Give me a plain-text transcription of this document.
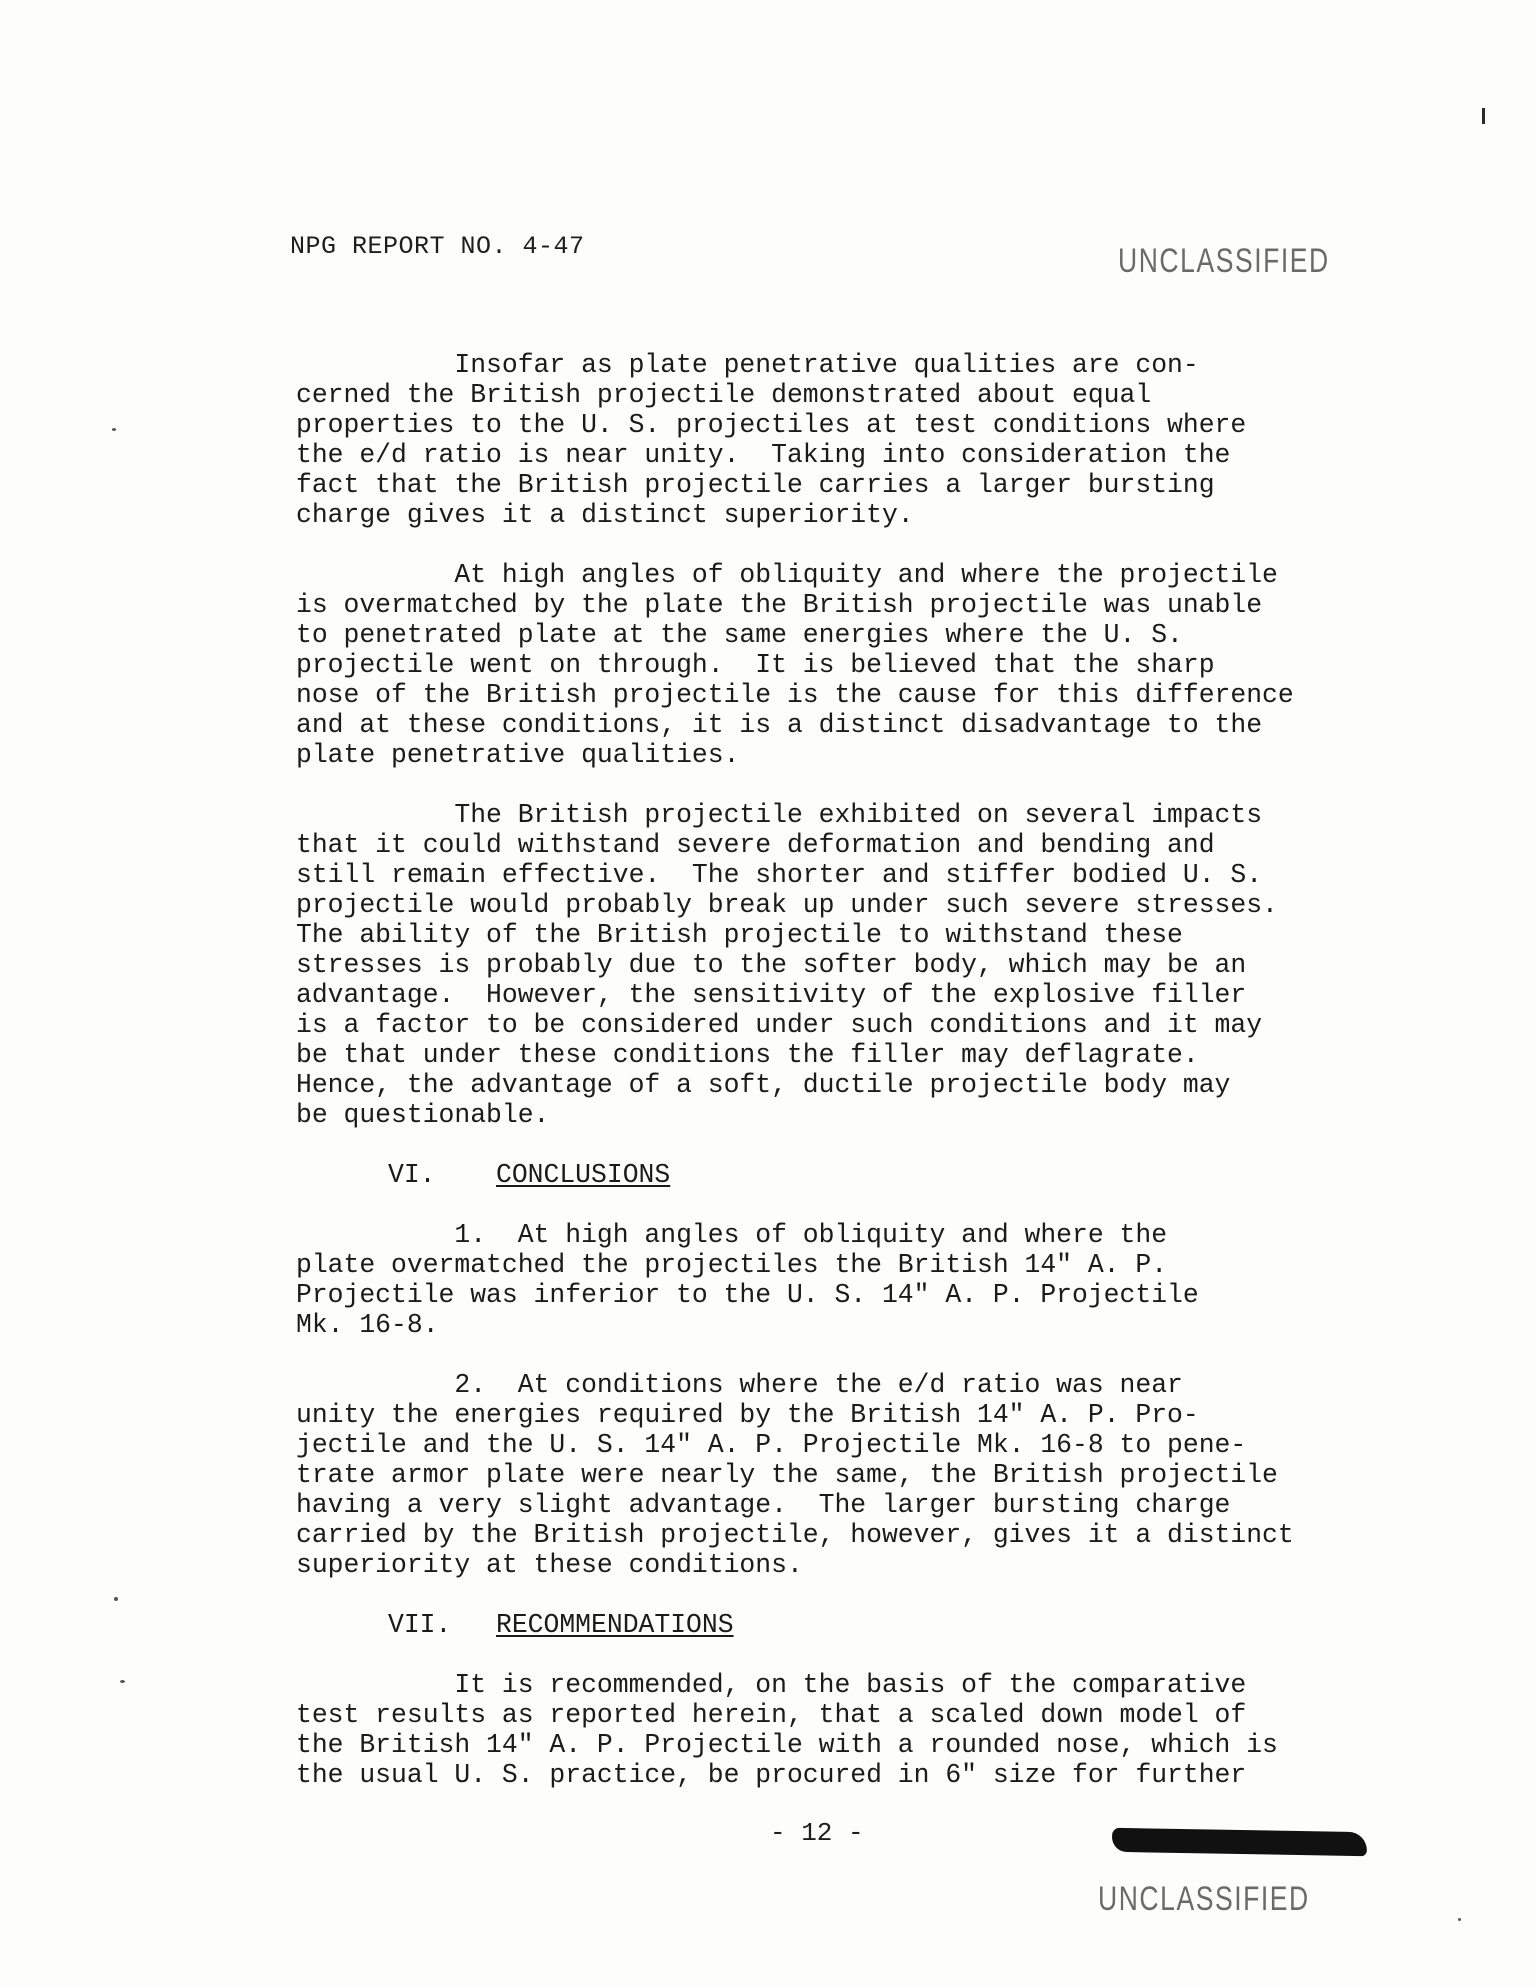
NPG REPORT NO. 4-47	UNCLASSIFIED
Insofar as plate penetrative qualities are con-
cerned the British projectile demonstrated about equal
properties to the U. S. projectiles at test conditions where
the e/d ratio is near unity.  Taking into consideration the
fact that the British projectile carries a larger bursting
charge gives it a distinct superiority.
At high angles of obliquity and where the projectile
is overmatched by the plate the British projectile was unable
to penetrated plate at the same energies where the U. S.
projectile went on through.  It is believed that the sharp
nose of the British projectile is the cause for this difference
and at these conditions, it is a distinct disadvantage to the
plate penetrative qualities.
The British projectile exhibited on several impacts
that it could withstand severe deformation and bending and
still remain effective.  The shorter and stiffer bodied U. S.
projectile would probably break up under such severe stresses.
The ability of the British projectile to withstand these
stresses is probably due to the softer body, which may be an
advantage.  However, the sensitivity of the explosive filler
is a factor to be considered under such conditions and it may
be that under these conditions the filler may deflagrate.
Hence, the advantage of a soft, ductile projectile body may
be questionable.
VI. CONCLUSIONS
1.  At high angles of obliquity and where the
plate overmatched the projectiles the British 14" A. P.
Projectile was inferior to the U. S. 14" A. P. Projectile
Mk. 16-8.
2.  At conditions where the e/d ratio was near
unity the energies required by the British 14" A. P. Pro-
jectile and the U. S. 14" A. P. Projectile Mk. 16-8 to pene-
trate armor plate were nearly the same, the British projectile
having a very slight advantage.  The larger bursting charge
carried by the British projectile, however, gives it a distinct
superiority at these conditions.
VII. RECOMMENDATIONS
It is recommended, on the basis of the comparative
test results as reported herein, that a scaled down model of
the British 14" A. P. Projectile with a rounded nose, which is
the usual U. S. practice, be procured in 6" size for further
- 12 -
UNCLASSIFIED
